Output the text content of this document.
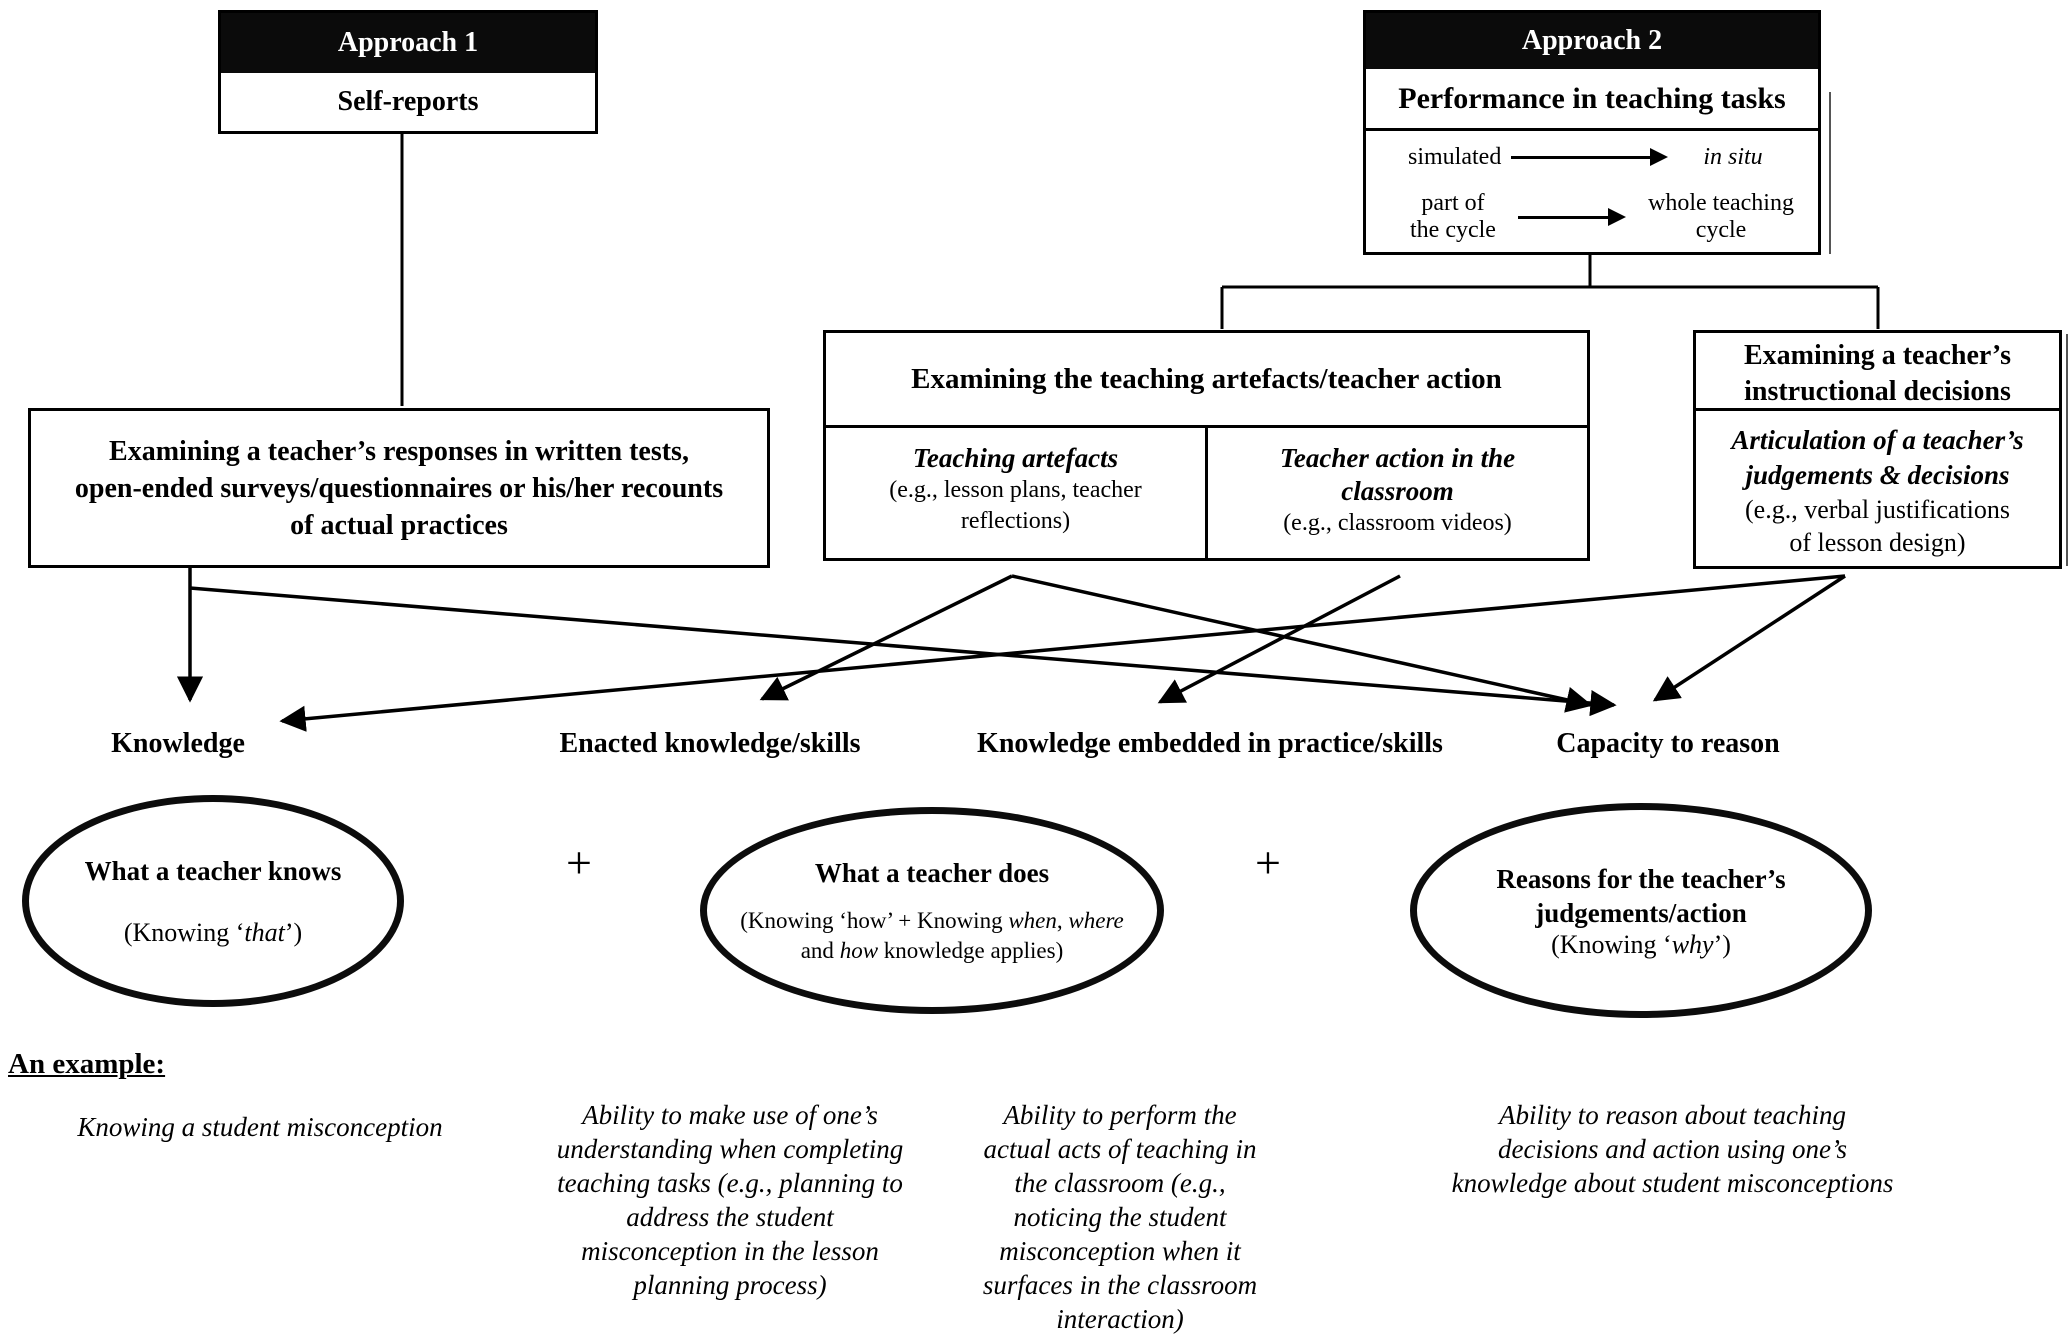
Approach 1
Self-reports
Approach 2
Performance in teaching tasks
simulated	in situ
part of
the cycle
whole teaching
cycle
Examining a teacher’s responses in written tests,
open-ended surveys/questionnaires or his/her recounts
of actual practices
Examining the teaching artefacts/teacher action
Teaching artefacts
(e.g., lesson plans, teacher
reflections)
Teacher action in the
classroom
(e.g., classroom videos)
Examining a teacher’s
instructional decisions
Articulation of a teacher’s
judgements & decisions
(e.g., verbal justifications
of lesson design)
Knowledge	Enacted knowledge/skills	Knowledge embedded in practice/skills	Capacity to reason
What a teacher knows
(Knowing ‘that’)
+	What a teacher does
(Knowing ‘how’ + Knowing when, where
and how knowledge applies)
+	Reasons for the teacher’s
judgements/action
(Knowing ‘why’)
An example:
Knowing a student misconception	Ability to make use of one’s
understanding when completing
teaching tasks (e.g., planning to
address the student
misconception in the lesson
planning process)
Ability to perform the
actual acts of teaching in
the classroom (e.g.,
noticing the student
misconception when it
surfaces in the classroom
interaction)
Ability to reason about teaching
decisions and action using one’s
knowledge about student misconceptions
